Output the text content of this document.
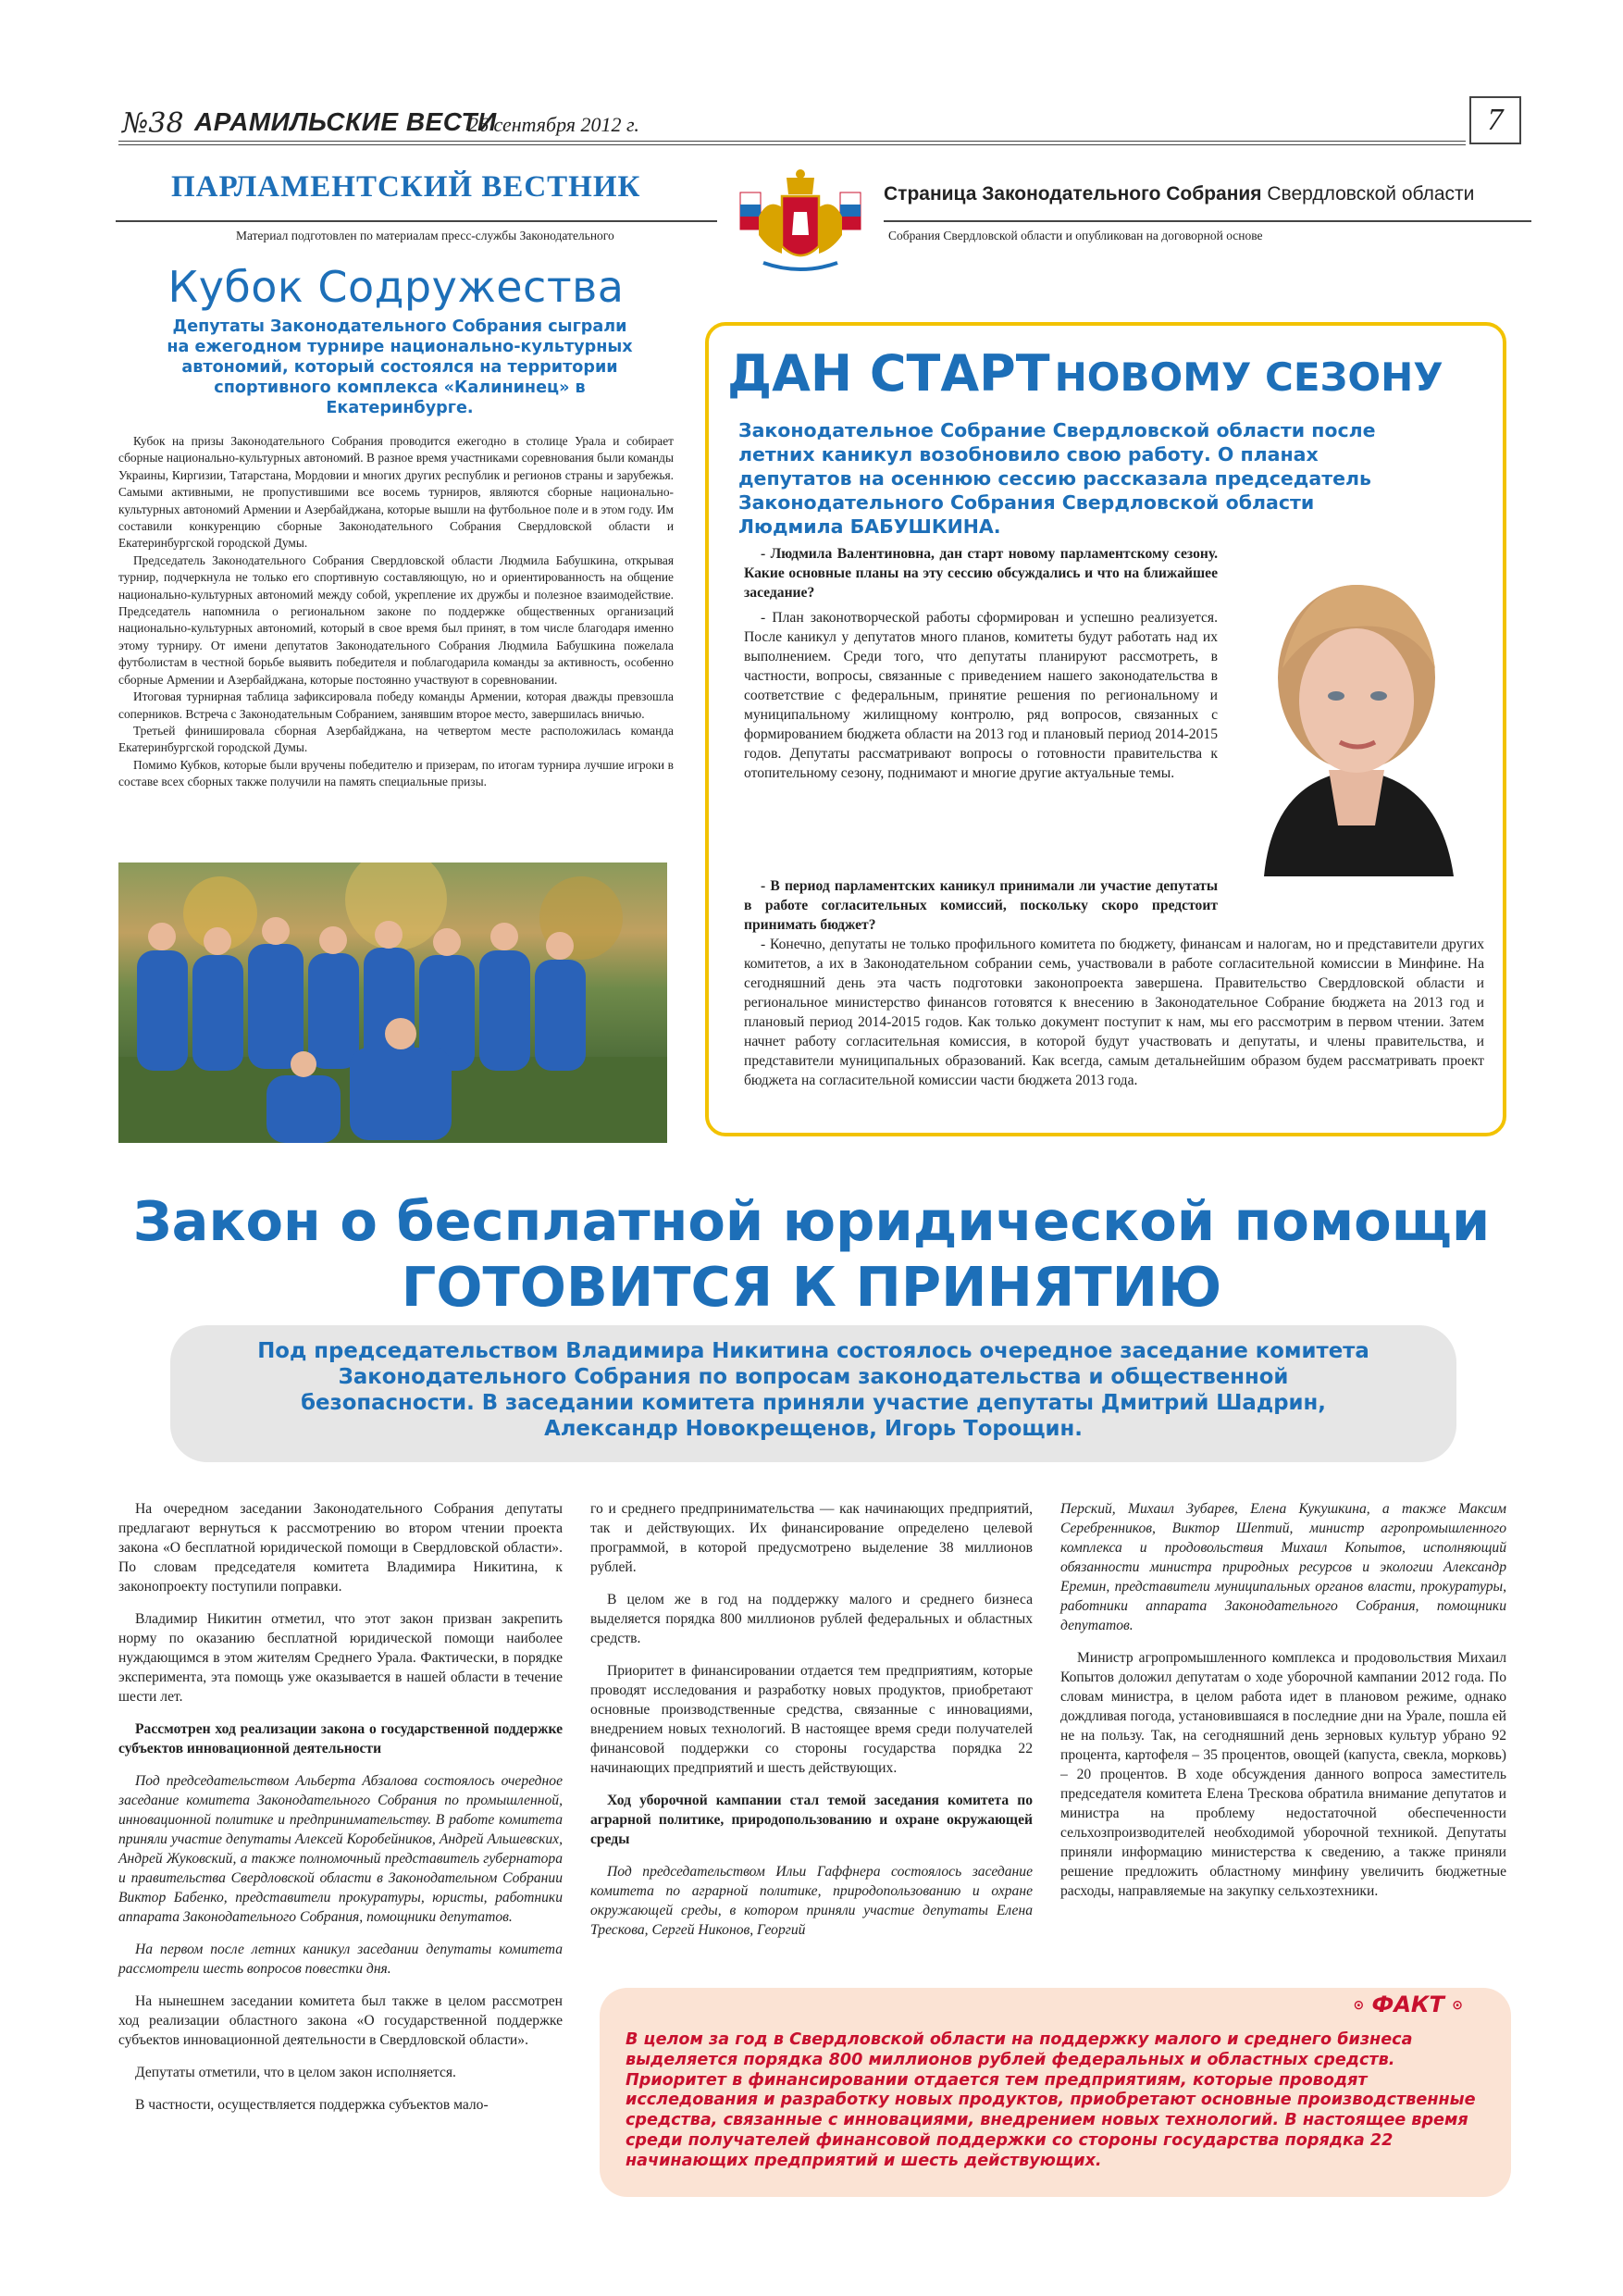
№38 АРАМИЛЬСКИЕ ВЕСТИ
26 сентября 2012 г.	7
ПАРЛАМЕНТСКИЙ ВЕСТНИК
Материал подготовлен по материалам пресс-службы Законодательного	Собрания Свердловской области и опубликован на договорной основе
Страница Законодательного Собрания Свердловской области
Кубок Содружества
Депутаты Законодательного Собрания сыграли на ежегодном турнире национально-культурных автономий, который состоялся на территории спортивного комплекса «Калининец» в Екатеринбурге.

Кубок на призы Законодательного Собрания проводится ежегодно в столице Урала и собирает сборные национально-культурных автономий. В разное время участниками соревнования были команды Украины, Киргизии, Татарстана, Мордовии и многих других республик и регионов страны и зарубежья. Самыми активными, не пропустившими все восемь турниров, являются сборные национально-культурных автономий Армении и Азербайджана, которые вышли на футбольное поле и в этом году. Им составили конкуренцию сборные Законодательного Собрания Свердловской области и Екатеринбургской городской Думы.

Председатель Законодательного Собрания Свердловской области Людмила Бабушкина, открывая турнир, подчеркнула не только его спортивную составляющую, но и ориентированность на общение национально-культурных автономий между собой, укрепление их дружбы и полезное взаимодействие. Председатель напомнила о региональном законе по поддержке общественных организаций национально-культурных автономий, который в свое время был принят, в том числе благодаря именно этому турниру. От имени депутатов Законодательного Собрания Людмила Бабушкина пожелала футболистам в честной борьбе выявить победителя и поблагодарила команды за активность, особенно сборные Армении и Азербайджана, которые постоянно участвуют в соревновании.

Итоговая турнирная таблица зафиксировала победу команды Армении, которая дважды превзошла соперников. Встреча с Законодательным Собранием, занявшим второе место, завершилась вничью.

Третьей финишировала сборная Азербайджана, на четвертом месте расположилась команда Екатеринбургской городской Думы.

Помимо Кубков, которые были вручены победителю и призерам, по итогам турнира лучшие игроки в составе всех сборных также получили на память специальные призы.

ДАН СТАРТ НОВОМУ СЕЗОНУ
Законодательное Собрание Свердловской области после летних каникул возобновило свою работу. О планах депутатов на осеннюю сессию рассказала председатель Законодательного Собрания Свердловской области Людмила БАБУШКИНА.
- Людмила Валентиновна, дан старт новому парламентскому сезону. Какие основные планы на эту сессию обсуждались и что на ближайшее заседание?
- План законотворческой работы сформирован и успешно реализуется. После каникул у депутатов много планов, комитеты будут работать над их выполнением. Среди того, что депутаты планируют рассмотреть, в частности, вопросы, связанные с приведением нашего законодательства в соответствие с федеральным, принятие решения по региональному и муниципальному жилищному контролю, ряд вопросов, связанных с формированием бюджета области на 2013 год и плановый период 2014-2015 годов. Депутаты рассматривают вопросы о готовности правительства к отопительному сезону, поднимают и многие другие актуальные темы.
- В период парламентских каникул принимали ли участие депутаты в работе согласительных комиссий, поскольку скоро предстоит принимать бюджет?
- Конечно, депутаты не только профильного комитета по бюджету, финансам и налогам, но и представители других комитетов, а их в Законодательном собрании семь, участвовали в работе согласительной комиссии в Минфине. На сегодняшний день эта часть подготовки законопроекта завершена. Правительство Свердловской области и региональное министерство финансов готовятся к внесению в Законодательное Собрание бюджета на 2013 год и плановый период 2014-2015 годов. Как только документ поступит к нам, мы его рассмотрим в первом чтении. Затем начнет работу согласительная комиссия, в которой будут участвовать и депутаты, и члены правительства, и представители муниципальных образований. Как всегда, самым детальнейшим образом будем рассматривать проект бюджета на согласительной комиссии части бюджета 2013 года.
Закон о бесплатной юридической помощи
ГОТОВИТСЯ К ПРИНЯТИЮ
Под председательством Владимира Никитина состоялось очередное заседание комитета Законодательного Собрания по вопросам законодательства и общественной безопасности. В заседании комитета приняли участие депутаты Дмитрий Шадрин, Александр Новокрещенов, Игорь Торощин.

На очередном заседании Законодательного Собрания депутаты предлагают вернуться к рассмотрению во втором чтении проекта закона «О бесплатной юридической помощи в Свердловской области». По словам председателя комитета Владимира Никитина, к законопроекту поступили поправки.

Владимир Никитин отметил, что этот закон призван закрепить норму по оказанию бесплатной юридической помощи наиболее нуждающимся в этом жителям Среднего Урала. Фактически, в порядке эксперимента, эта помощь уже оказывается в нашей области в течение шести лет.

Рассмотрен ход реализации закона о государственной поддержке субъектов инновационной деятельности

Под председательством Альберта Абзалова состоялось очередное заседание комитета Законодательного Собрания по промышленной, инновационной политике и предпринимательству. В работе комитета приняли участие депутаты Алексей Коробейников, Андрей Альшевских, Андрей Жуковский, а также полномочный представитель губернатора и правительства Свердловской области в Законодательном Собрании Виктор Бабенко, представители прокуратуры, юристы, работники аппарата Законодательного Собрания, помощники депутатов.

На первом после летних каникул заседании депутаты комитета рассмотрели шесть вопросов повестки дня.

На нынешнем заседании комитета был также в целом рассмотрен ход реализации областного закона «О государственной поддержке субъектов инновационной деятельности в Свердловской области».

Депутаты отметили, что в целом закон исполняется.

В частности, осуществляется поддержка субъектов мало-

го и среднего предпринимательства — как начинающих предприятий, так и действующих. Их финансирование определено целевой программой, в которой предусмотрено выделение 38 миллионов рублей.

В целом же в год на поддержку малого и среднего бизнеса выделяется порядка 800 миллионов рублей федеральных и областных средств.

Приоритет в финансировании отдается тем предприятиям, которые проводят исследования и разработку новых продуктов, приобретают основные производственные средства, связанные с инновациями, внедрением новых технологий. В настоящее время среди получателей финансовой поддержки со стороны государства порядка 22 начинающих предприятий и шесть действующих.

Ход уборочной кампании стал темой заседания комитета по аграрной политике, природопользованию и охране окружающей среды

Под председательством Ильи Гаффнера состоялось заседание комитета по аграрной политике, природопользованию и охране окружающей среды, в котором приняли участие депутаты Елена Трескова, Сергей Никонов, Георгий

Перский, Михаил Зубарев, Елена Кукушкина, а также Максим Серебренников, Виктор Шептий, министр агропромышленного комплекса и продовольствия Михаил Копытов, исполняющий обязанности министра природных ресурсов и экологии Александр Еремин, представители муниципальных органов власти, прокуратуры, работники аппарата Законодательного Собрания, помощники депутатов.

Министр агропромышленного комплекса и продовольствия Михаил Копытов доложил депутатам о ходе уборочной кампании 2012 года. По словам министра, в целом работа идет в плановом режиме, однако дождливая погода, установившаяся в последние дни на Урале, пошла ей не на пользу. Так, на сегодняшний день зерновых культур убрано 92 процента, картофеля – 35 процентов, овощей (капуста, свекла, морковь) – 20 процентов. В ходе обсуждения данного вопроса заместитель председателя комитета Елена Трескова обратила внимание депутатов и министра на проблему недостаточной обеспеченности сельхозпроизводителей необходимой уборочной техникой. Депутаты приняли информацию министерства к сведению, а также приняли решение предложить областному минфину увеличить бюджетные расходы, направляемые на закупку сельхозтехники.

⊙ ФАКТ ⊙
В целом за год в Свердловской области на поддержку малого и среднего бизнеса выделяется порядка 800 миллионов рублей федеральных и областных средств. Приоритет в финансировании отдается тем предприятиям, которые проводят исследования и разработку новых продуктов, приобретают основные производственные средства, связанные с инновациями, внедрением новых технологий. В настоящее время среди получателей финансовой поддержки со стороны государства порядка 22 начинающих предприятий и шесть действующих.
